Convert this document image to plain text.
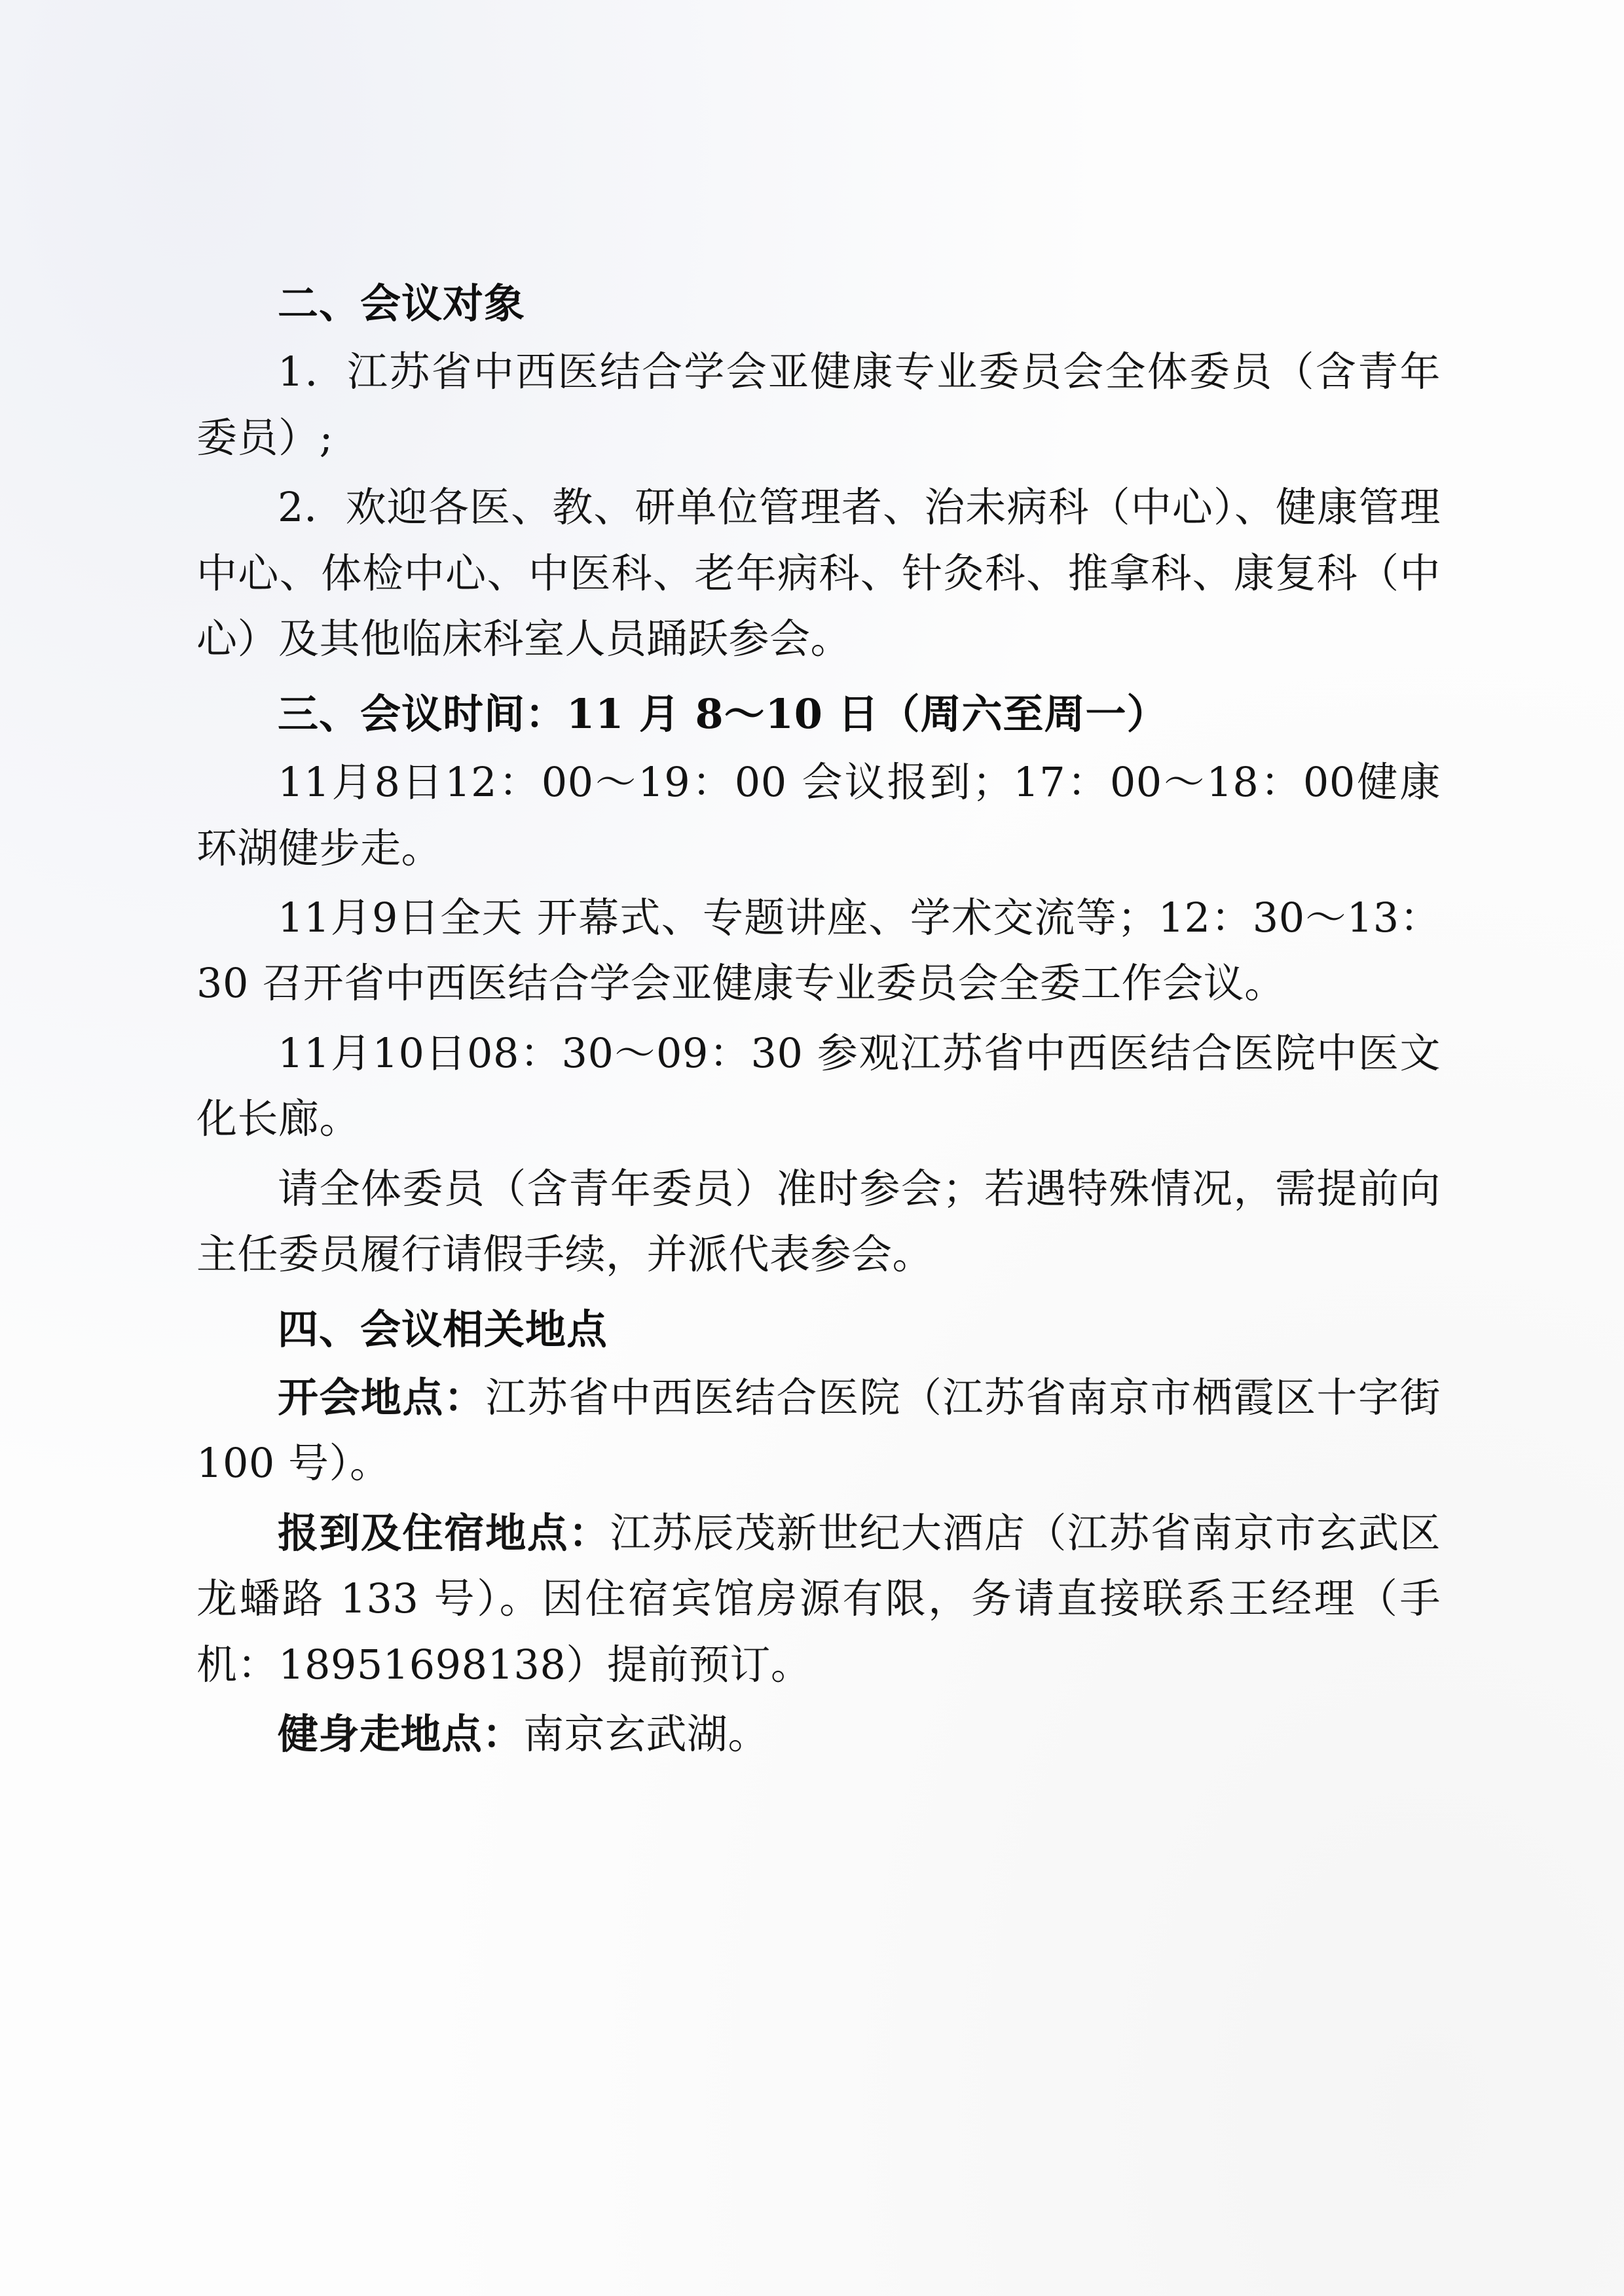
二、会议对象

1．江苏省中西医结合学会亚健康专业委员会全体委员（含青年委员）;

2．欢迎各医、教、研单位管理者、治未病科（中心）、健康管理中心、体检中心、中医科、老年病科、针灸科、推拿科、康复科（中心）及其他临床科室人员踊跃参会。

三、会议时间：11 月 8～10 日（周六至周一）

11月8日12：00～19：00 会议报到；17：00～18：00健康环湖健步走。

11月9日全天 开幕式、专题讲座、学术交流等；12：30～13：30 召开省中西医结合学会亚健康专业委员会全委工作会议。

11月10日08：30～09：30 参观江苏省中西医结合医院中医文化长廊。

请全体委员（含青年委员）准时参会；若遇特殊情况，需提前向主任委员履行请假手续，并派代表参会。

四、会议相关地点

开会地点：江苏省中西医结合医院（江苏省南京市栖霞区十字街 100 号）。

报到及住宿地点：江苏辰茂新世纪大酒店（江苏省南京市玄武区龙蟠路 133 号）。因住宿宾馆房源有限，务请直接联系王经理（手机：18951698138）提前预订。

健身走地点：南京玄武湖。
